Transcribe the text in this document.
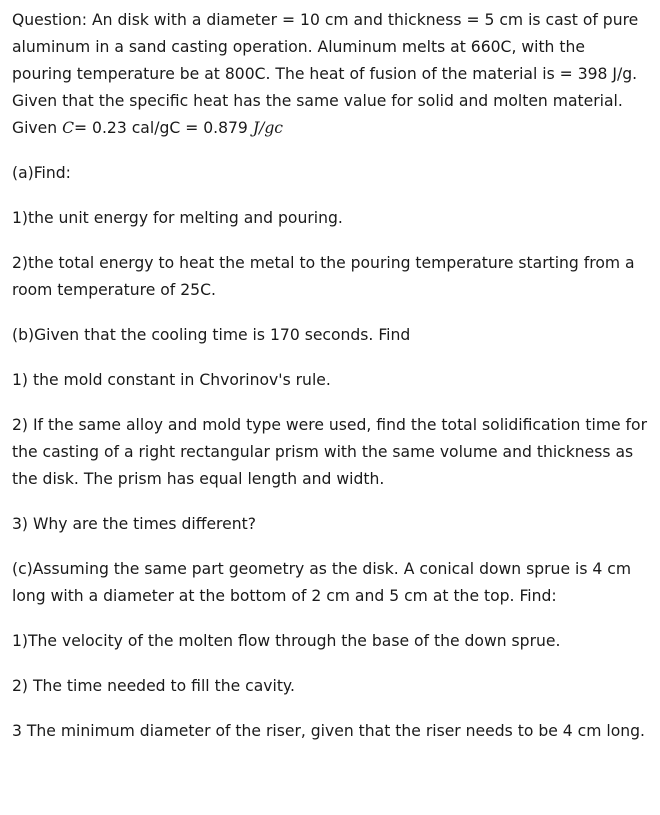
Question: An disk with a diameter = 10 cm and thickness = 5 cm is cast of pure aluminum in a sand casting operation. Aluminum melts at 660C, with the pouring temperature be at 800C. The heat of fusion of the material is = 398 J/g. Given that the specific heat has the same value for solid and molten material.
Given C= 0.23 cal/gC = 0.879 J/gc

(a)Find:

1)the unit energy for melting and pouring.

2)the total energy to heat the metal to the pouring temperature starting from a room temperature of 25C.

(b)Given that the cooling time is 170 seconds. Find

1) the mold constant in Chvorinov's rule.

2) If the same alloy and mold type were used, find the total solidification time for the casting of a right rectangular prism with the same volume and thickness as the disk. The prism has equal length and width.

3) Why are the times different?

(c)Assuming the same part geometry as the disk. A conical down sprue is 4 cm long with a diameter at the bottom of 2 cm and 5 cm at the top. Find:

1)The velocity of the molten flow through the base of the down sprue.

2) The time needed to fill the cavity.

3 The minimum diameter of the riser, given that the riser needs to be 4 cm long.
